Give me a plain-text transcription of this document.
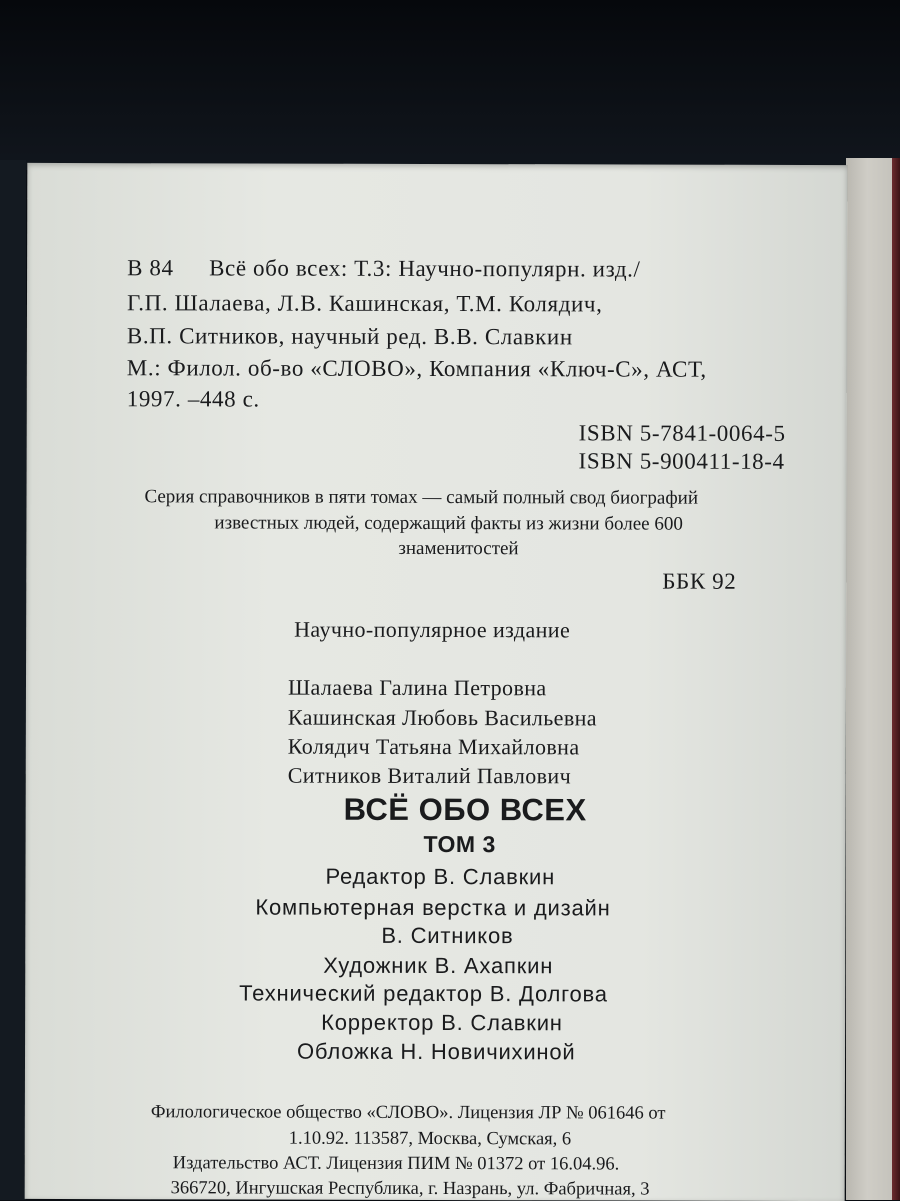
В 84 Всё обо всех: Т.3: Научно-популярн. изд./
Г.П. Шалаева, Л.В. Кашинская, Т.М. Колядич,
В.П. Ситников, научный ред. В.В. Славкин
М.: Филол. об-во «СЛОВО», Компания «Ключ-С», АСТ,
1997. –448 с.
ISBN 5-7841-0064-5
ISBN 5-900411-18-4
Серия справочников в пяти томах — самый полный свод биографий
известных людей, содержащий факты из жизни более 600
знаменитостей
ББК 92
Научно-популярное издание
Шалаева Галина Петровна
Кашинская Любовь Васильевна
Колядич Татьяна Михайловна
Ситников Виталий Павлович
ВСЁ ОБО ВСЕХ
ТОМ 3
Редактор В. Славкин
Компьютерная верстка и дизайн
В. Ситников
Художник В. Ахапкин
Технический редактор В. Долгова
Корректор В. Славкин
Обложка Н. Новичихиной
Филологическое общество «СЛОВО». Лицензия ЛР № 061646 от
1.10.92. 113587, Москва, Сумская, 6
Издательство АСТ. Лицензия ПИМ № 01372 от 16.04.96.
366720, Ингушская Республика, г. Назрань, ул. Фабричная, 3
